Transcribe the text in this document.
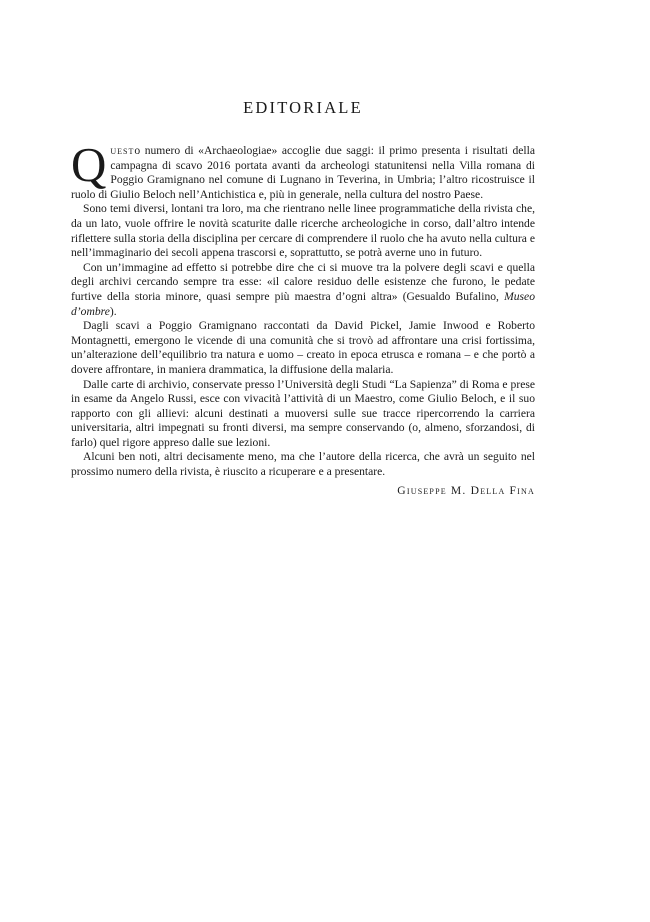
EDITORIALE

Questo numero di «Archaeologiae» accoglie due saggi: il primo presenta i risultati della campagna di scavo 2016 portata avanti da archeologi statunitensi nella Villa romana di Poggio Gramignano nel comune di Lugnano in Teverina, in Umbria; l’altro ricostruisce il ruolo di Giulio Beloch nell’Antichistica e, più in generale, nella cultura del nostro Paese.

Sono temi diversi, lontani tra loro, ma che rientrano nelle linee programmatiche della rivista che, da un lato, vuole offrire le novità scaturite dalle ricerche archeologiche in corso, dall’altro intende riflettere sulla storia della disciplina per cercare di comprendere il ruolo che ha avuto nella cultura e nell’immaginario dei secoli appena trascorsi e, soprattutto, se potrà averne uno in futuro.

Con un’immagine ad effetto si potrebbe dire che ci si muove tra la polvere degli scavi e quella degli archivi cercando sempre tra esse: «il calore residuo delle esistenze che furono, le pedate furtive della storia minore, quasi sempre più maestra d’ogni altra» (Gesualdo Bufalino, Museo d’ombre).

Dagli scavi a Poggio Gramignano raccontati da David Pickel, Jamie Inwood e Roberto Montagnetti, emergono le vicende di una comunità che si trovò ad affrontare una crisi fortissima, un’alterazione dell’equilibrio tra natura e uomo – creato in epoca etrusca e romana – e che portò a dovere affrontare, in maniera drammatica, la diffusione della malaria.

Dalle carte di archivio, conservate presso l’Università degli Studi “La Sapienza” di Roma e prese in esame da Angelo Russi, esce con vivacità l’attività di un Maestro, come Giulio Beloch, e il suo rapporto con gli allievi: alcuni destinati a muoversi sulle sue tracce ripercorrendo la carriera universitaria, altri impegnati su fronti diversi, ma sempre conservando (o, almeno, sforzandosi, di farlo) quel rigore appreso dalle sue lezioni.

Alcuni ben noti, altri decisamente meno, ma che l’autore della ricerca, che avrà un seguito nel prossimo numero della rivista, è riuscito a ricuperare e a presentare.

Giuseppe M. Della Fina
